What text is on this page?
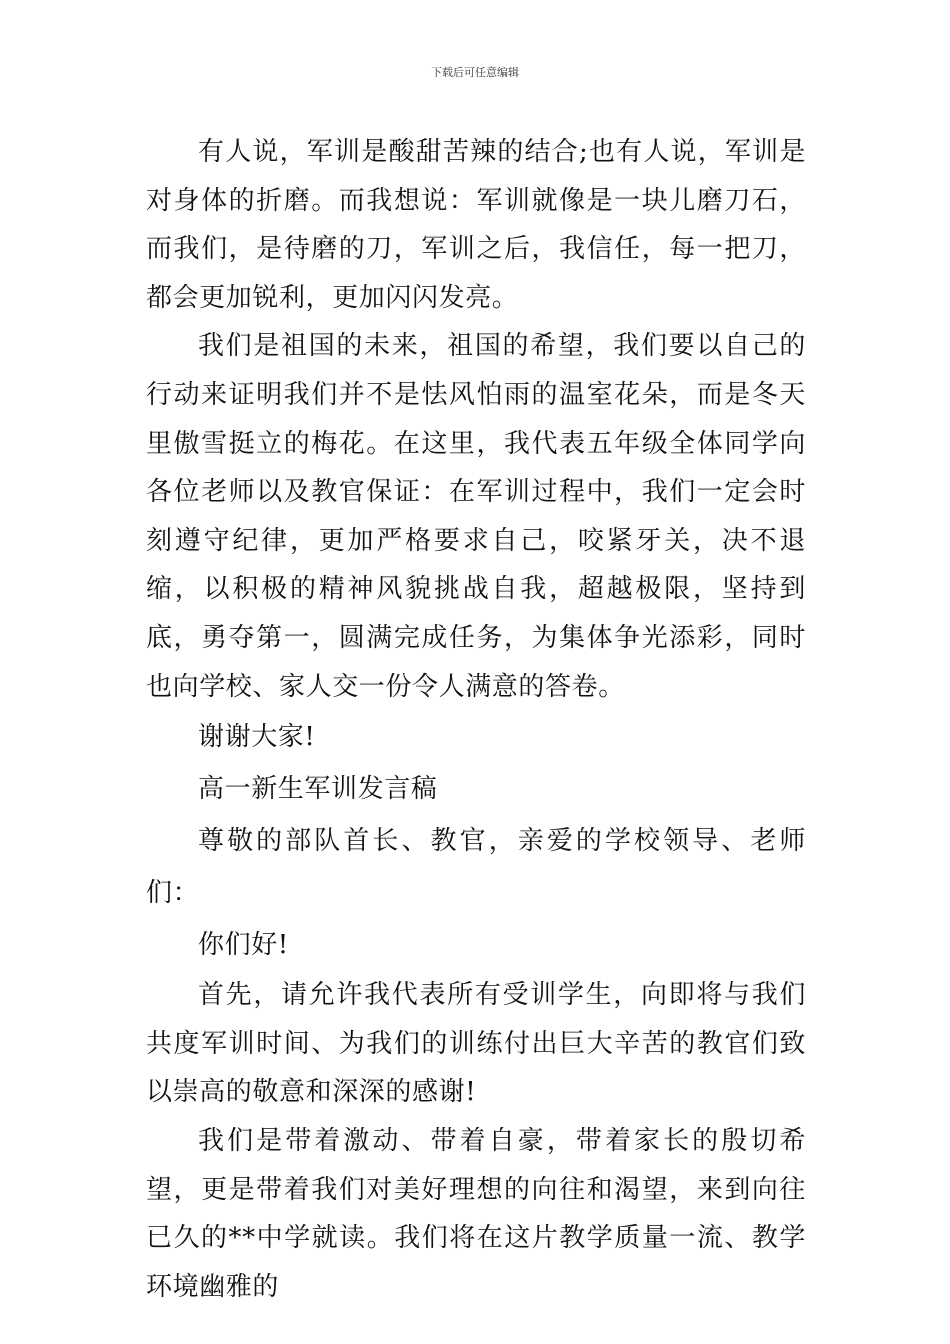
下载后可任意编辑

有人说，军训是酸甜苦辣的结合;也有人说，军训是对身体的折磨。而我想说：军训就像是一块儿磨刀石，而我们，是待磨的刀，军训之后，我信任，每一把刀，都会更加锐利，更加闪闪发亮。

我们是祖国的未来，祖国的希望，我们要以自己的行动来证明我们并不是怯风怕雨的温室花朵，而是冬天里傲雪挺立的梅花。在这里，我代表五年级全体同学向各位老师以及教官保证：在军训过程中，我们一定会时刻遵守纪律，更加严格要求自己，咬紧牙关，决不退缩，以积极的精神风貌挑战自我，超越极限，坚持到底，勇夺第一，圆满完成任务，为集体争光添彩，同时也向学校、家人交一份令人满意的答卷。

谢谢大家!

高一新生军训发言稿

尊敬的部队首长、教官，亲爱的学校领导、老师们：

你们好!

首先，请允许我代表所有受训学生，向即将与我们共度军训时间、为我们的训练付出巨大辛苦的教官们致以崇高的敬意和深深的感谢!

我们是带着激动、带着自豪，带着家长的殷切希望，更是带着我们对美好理想的向往和渴望，来到向往已久的**中学就读。我们将在这片教学质量一流、教学环境幽雅的
